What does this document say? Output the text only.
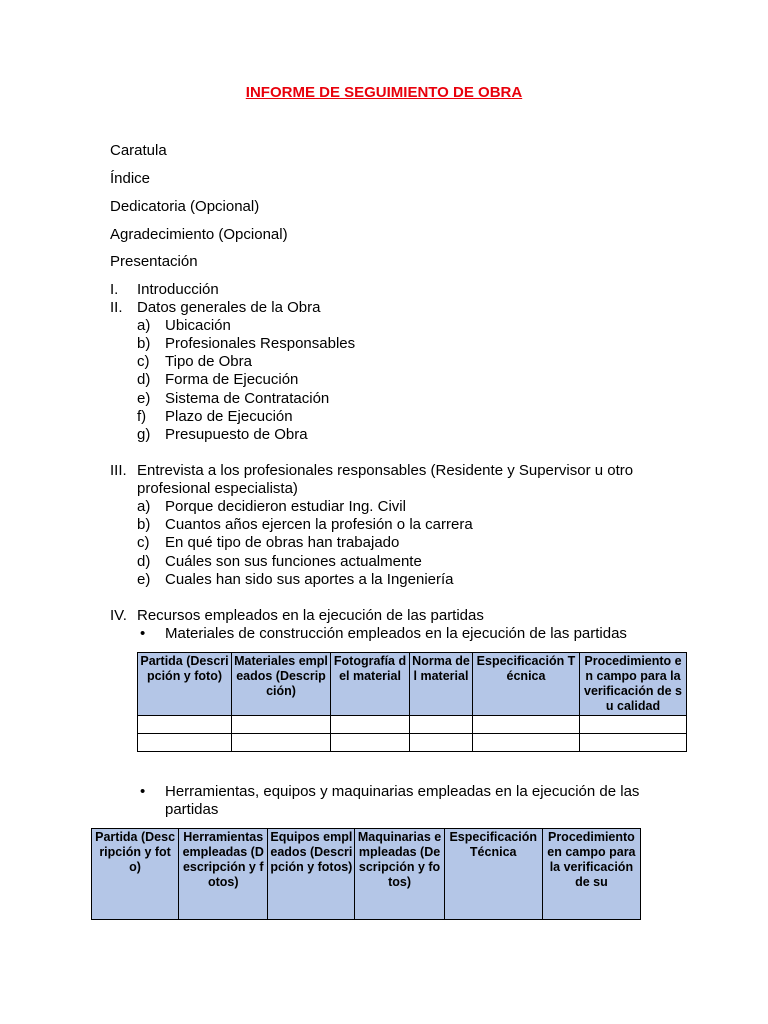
INFORME DE SEGUIMIENTO DE OBRA
Caratula
Índice
Dedicatoria (Opcional)
Agradecimiento (Opcional)
Presentación
I. Introducción
II. Datos generales de la Obra
a) Ubicación
b) Profesionales Responsables
c) Tipo de Obra
d) Forma de Ejecución
e) Sistema de Contratación
f) Plazo de Ejecución
g) Presupuesto de Obra
III. Entrevista a los profesionales responsables (Residente y Supervisor u otro
profesional especialista)
a) Porque decidieron estudiar Ing. Civil
b) Cuantos años ejercen la profesión o la carrera
c) En qué tipo de obras han trabajado
d) Cuáles son sus funciones actualmente
e) Cuales han sido sus aportes a la Ingeniería
IV. Recursos empleados en la ejecución de las partidas
• Materiales de construcción empleados en la ejecución de las partidas
Partida (Descripción y foto)	Materiales empleados (Descripción)	Fotografía del material	Norma del material	Especificación Técnica	Procedimiento en campo para la verificación de su calidad

• Herramientas, equipos y maquinarias empleadas en la ejecución de las
partidas
Partida (Descripción y foto)	Herramientas empleadas (Descripción y fotos)	Equipos empleados (Descripción y fotos)	Maquinarias empleadas (Descripción y fotos)	Especificación Técnica	Procedimiento en campo para la verificación de su
